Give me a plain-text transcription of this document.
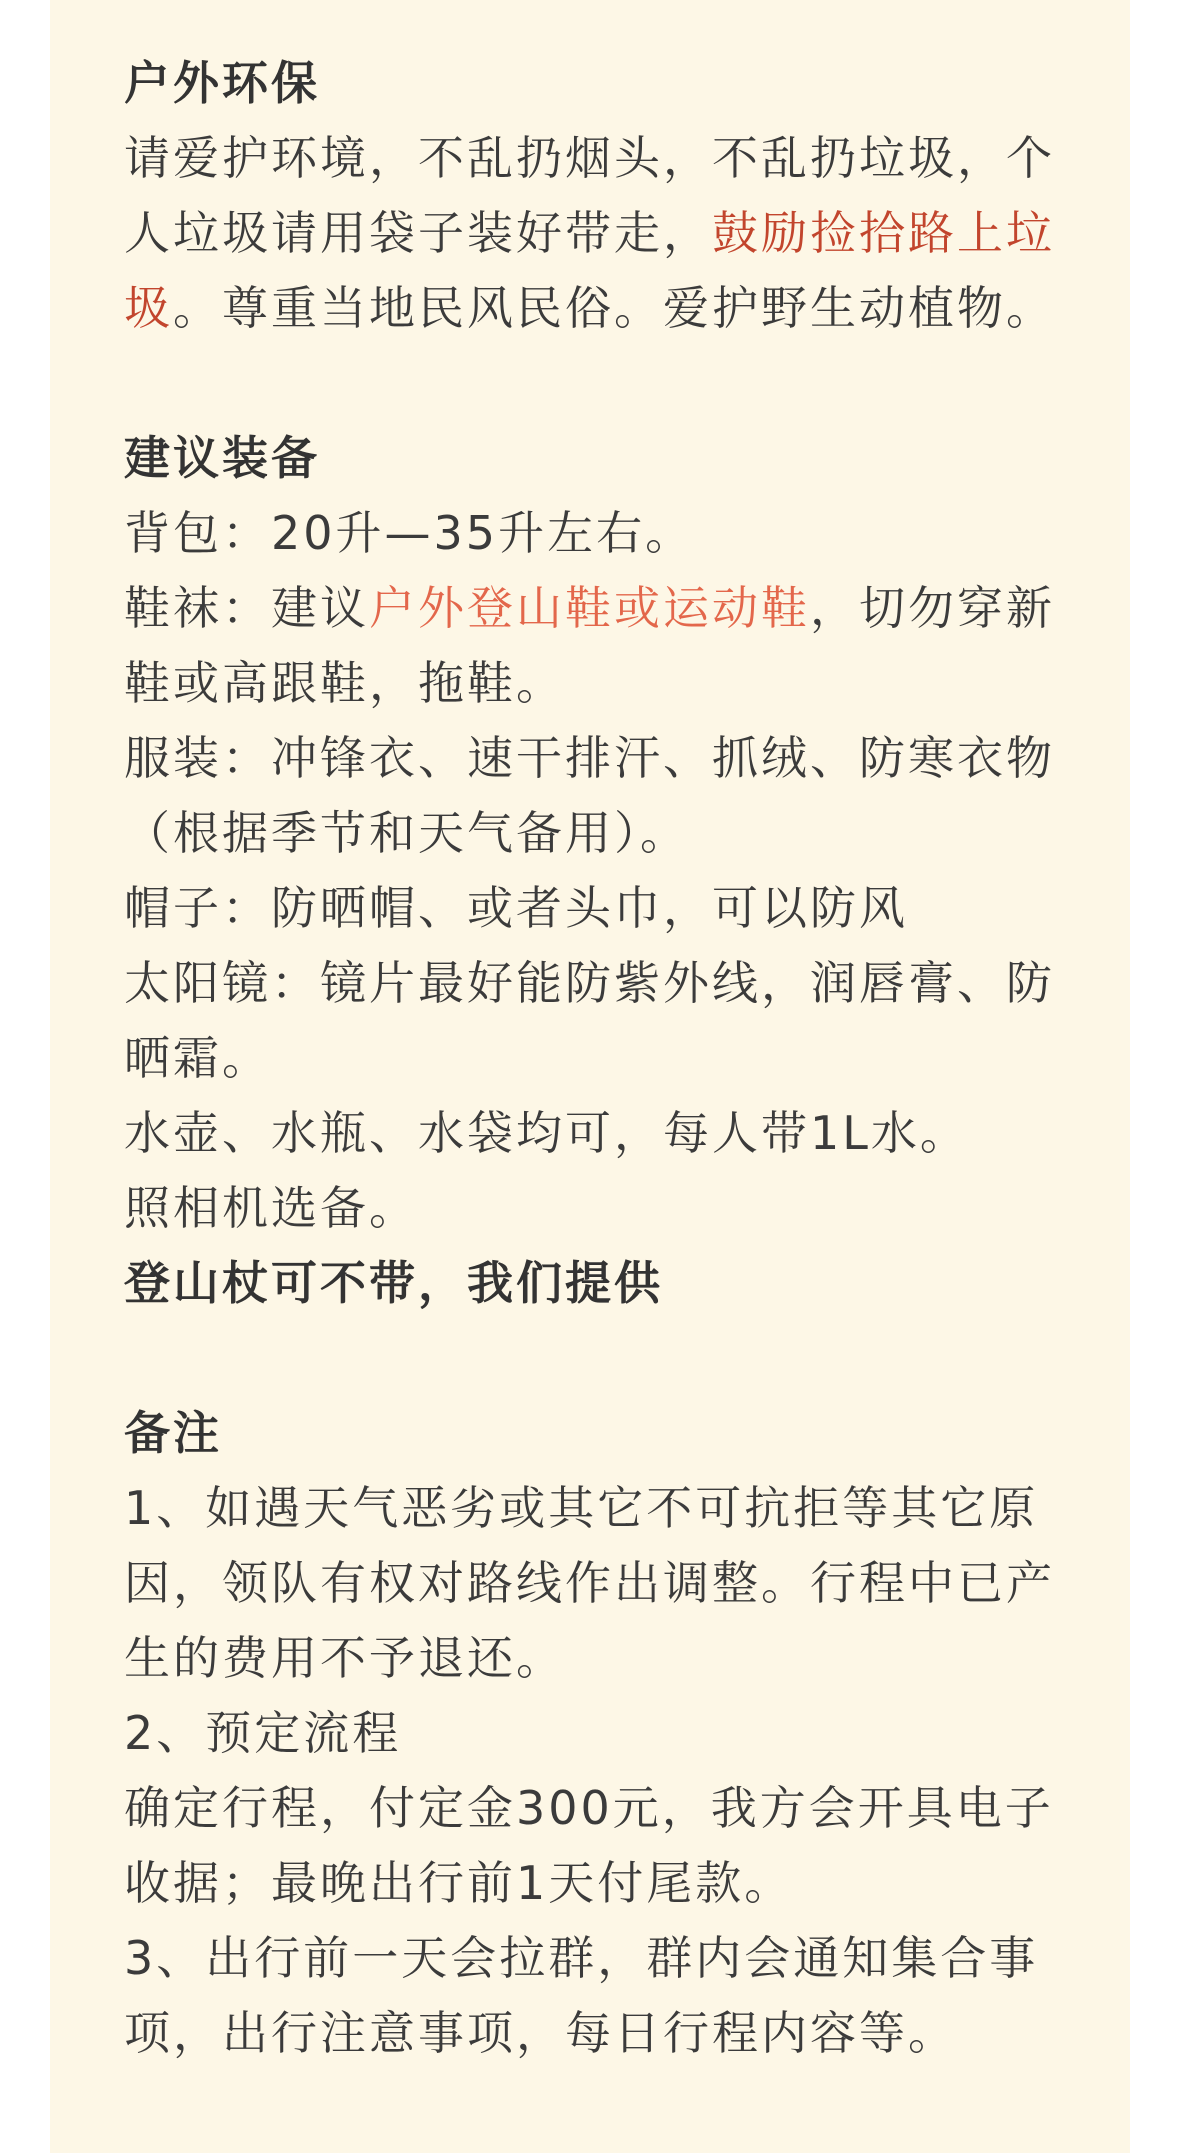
户外环保

请爱护环境，不乱扔烟头，不乱扔垃圾，个人垃圾请用袋子装好带走，鼓励捡拾路上垃圾。尊重当地民风民俗。爱护野生动植物。

建议装备

背包：20升—35升左右。

鞋袜：建议户外登山鞋或运动鞋，切勿穿新鞋或高跟鞋，拖鞋。

服装：冲锋衣、速干排汗、抓绒、防寒衣物（根据季节和天气备用）。

帽子：防晒帽、或者头巾，可以防风

太阳镜：镜片最好能防紫外线，润唇膏、防晒霜。

水壶、水瓶、水袋均可，每人带1L水。

照相机选备。

登山杖可不带，我们提供

备注

1、如遇天气恶劣或其它不可抗拒等其它原因，领队有权对路线作出调整。行程中已产生的费用不予退还。

2、预定流程

确定行程，付定金300元，我方会开具电子收据；最晚出行前1天付尾款。

3、出行前一天会拉群，群内会通知集合事项，出行注意事项，每日行程内容等。
